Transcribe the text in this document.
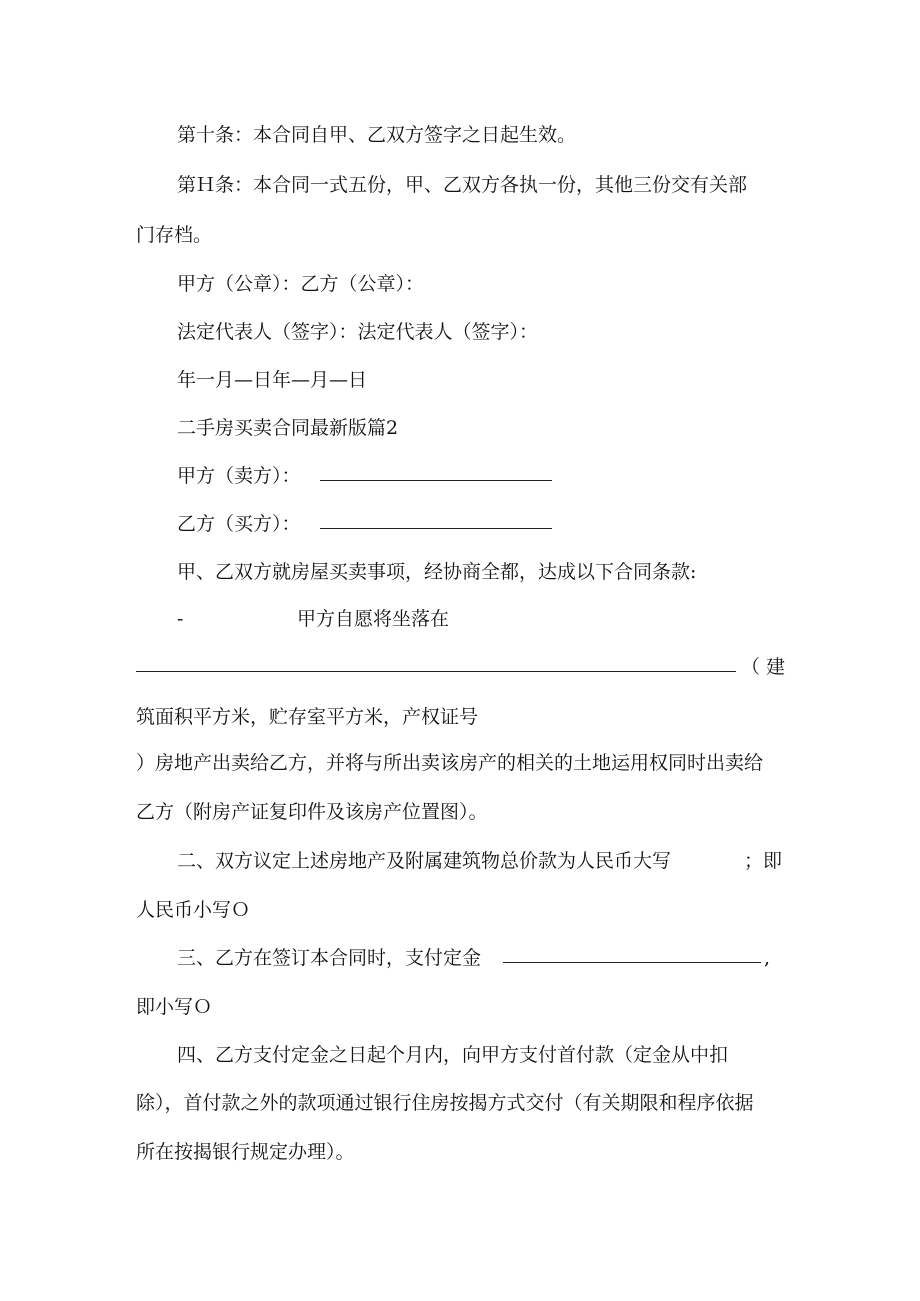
第十条：本合同自甲、乙双方签字之日起生效。
第Ｈ条：本合同一式五份，甲、乙双方各执一份，其他三份交有关部
门存档。
甲方（公章）：乙方（公章）：
法定代表人（签字）：法定代表人（签字）：
年一月—日年—月—日
二手房买卖合同最新版篇2
甲方（卖方）：
乙方（买方）：
甲、乙双方就房屋买卖事项，经协商全都，达成以下合同条款:
-	甲方自愿将坐落在
（ 建
筑面积平方米，贮存室平方米，产权证号
）房地产出卖给乙方，并将与所出卖该房产的相关的土地运用权同时出卖给
乙方（附房产证复印件及该房产位置图）。
二、双方议定上述房地产及附属建筑物总价款为人民币大写	；即
人民币小写Ｏ
三、乙方在签订本合同时，支付定金	,
即小写Ｏ
四、乙方支付定金之日起个月内，向甲方支付首付款（定金从中扣
除），首付款之外的款项通过银行住房按揭方式交付（有关期限和程序依据
所在按揭银行规定办理）。
